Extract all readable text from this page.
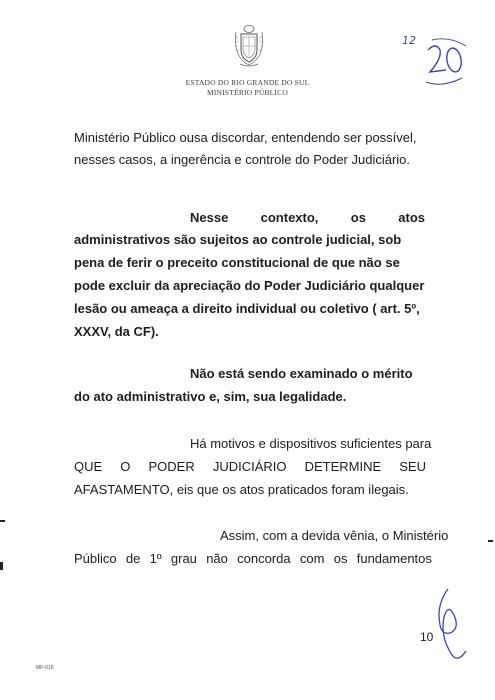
ESTADO DO RIO GRANDE DO SUL
MINISTÉRIO PÚBLICO
12
Ministério Público ousa discordar, entendendo ser possível,
nesses casos, a ingerência e controle do Poder Judiciário.
Nesse contexto, os atos
administrativos são sujeitos ao controle judicial, sob
pena de ferir o preceito constitucional de que não se
pode excluir da apreciação do Poder Judiciário qualquer
lesão ou ameaça a direito individual ou coletivo ( art. 5º,
XXXV, da CF).
Não está sendo examinado o mérito
do ato administrativo e, sim, sua legalidade.
Há motivos e dispositivos suficientes para
QUE O PODER JUDICIÁRIO DETERMINE SEU
AFASTAMENTO, eis que os atos praticados foram ilegais.
Assim, com a devida vênia, o Ministério
Público de 1º grau não concorda com os fundamentos
10
MP-016
